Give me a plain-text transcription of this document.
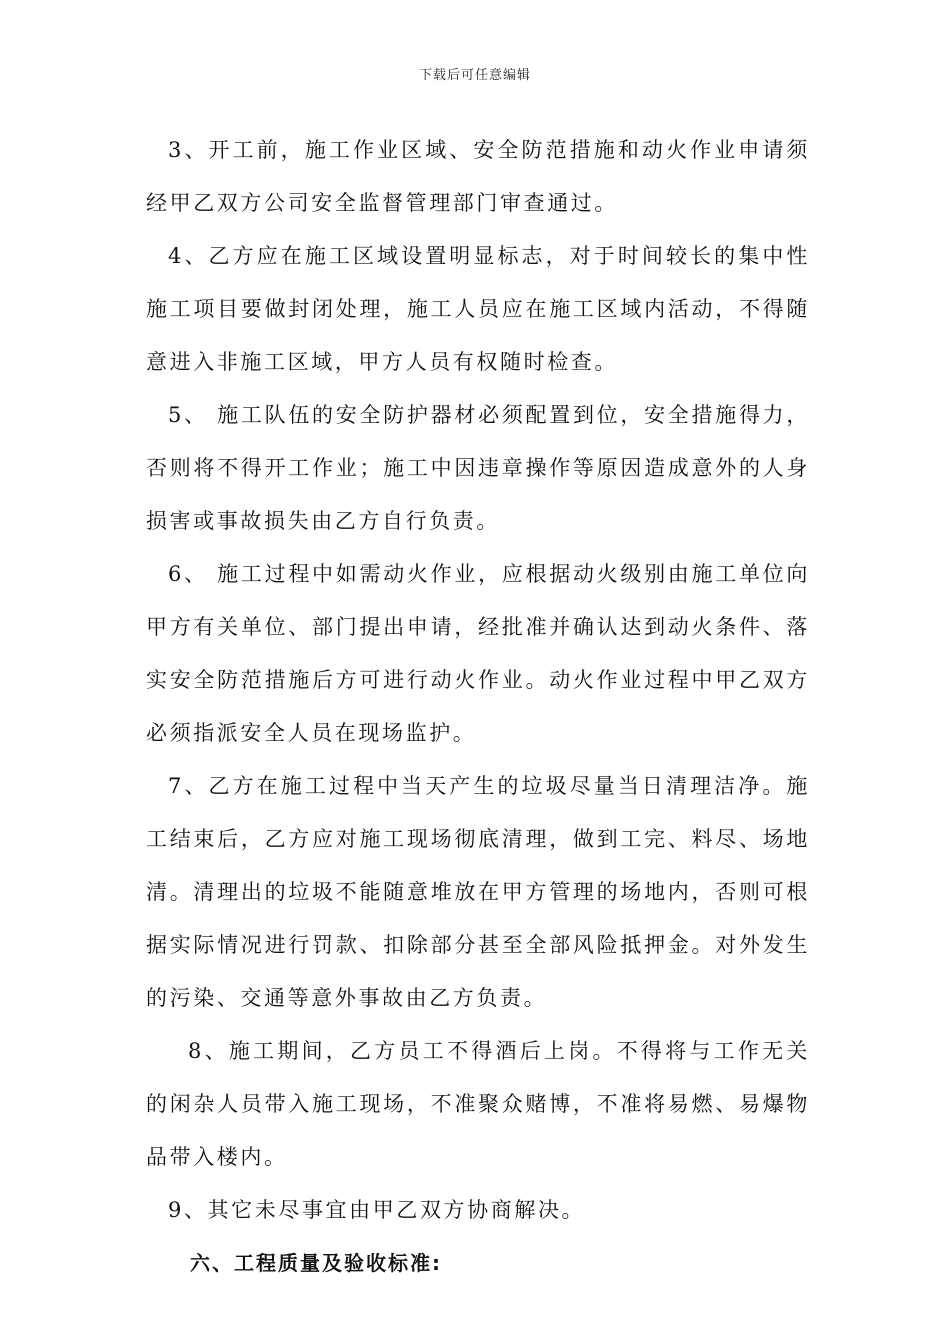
下载后可任意编辑

3、开工前，施工作业区域、安全防范措施和动火作业申请须经甲乙双方公司安全监督管理部门审查通过。

4、乙方应在施工区域设置明显标志，对于时间较长的集中性施工项目要做封闭处理，施工人员应在施工区域内活动，不得随意进入非施工区域，甲方人员有权随时检查。

5、 施工队伍的安全防护器材必须配置到位，安全措施得力，否则将不得开工作业；施工中因违章操作等原因造成意外的人身损害或事故损失由乙方自行负责。

6、 施工过程中如需动火作业，应根据动火级别由施工单位向甲方有关单位、部门提出申请，经批准并确认达到动火条件、落实安全防范措施后方可进行动火作业。动火作业过程中甲乙双方必须指派安全人员在现场监护。

7、乙方在施工过程中当天产生的垃圾尽量当日清理洁净。施工结束后，乙方应对施工现场彻底清理，做到工完、料尽、场地清。清理出的垃圾不能随意堆放在甲方管理的场地内，否则可根据实际情况进行罚款、扣除部分甚至全部风险抵押金。对外发生的污染、交通等意外事故由乙方负责。

8、施工期间，乙方员工不得酒后上岗。不得将与工作无关的闲杂人员带入施工现场，不准聚众赌博，不准将易燃、易爆物品带入楼内。

9、其它未尽事宜由甲乙双方协商解决。

六、工程质量及验收标准:
